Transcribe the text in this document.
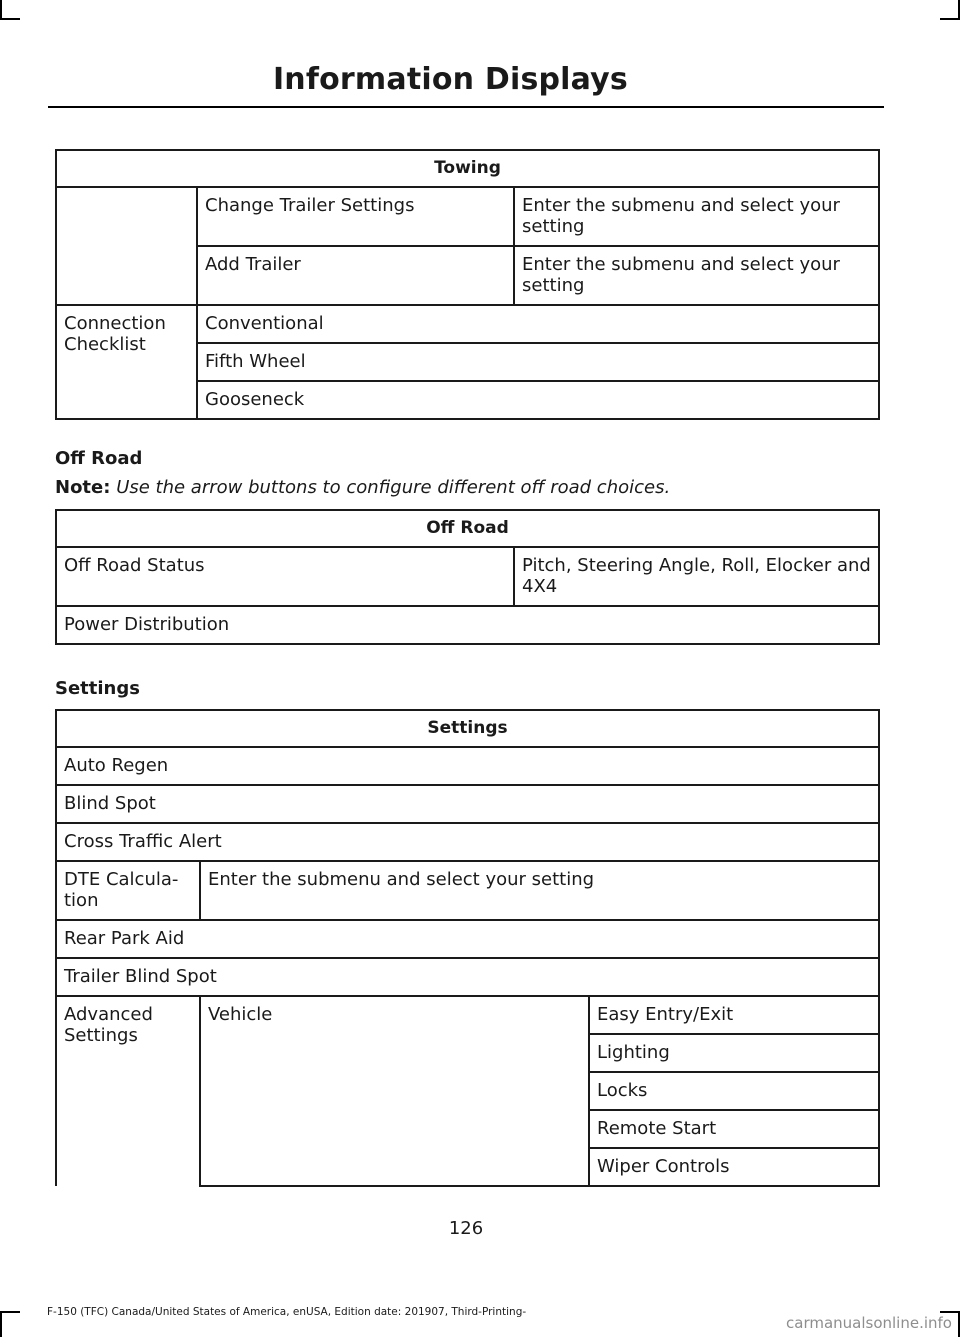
Information Displays
Towing		
	Change Trailer Settings	Enter the submenu and select your setting
	Add Trailer	Enter the submenu and select your setting
Connection Checklist	Conventional	
	Fifth Wheel	
	Gooseneck	
Off Road
Note: Use the arrow buttons to configure different off road choices.
Off Road
Off Road Status	Pitch, Steering Angle, Roll, Elocker and 4X4
Power Distribution
Settings
Settings		
Auto Regen		
Blind Spot		
Cross Traffic Alert		
DTE Calcula-tion	Enter the submenu and select your setting	
Rear Park Aid		
Trailer Blind Spot		
Advanced Settings	Vehicle	Easy Entry/Exit
		Lighting
		Locks
		Remote Start
		Wiper Controls
126
F-150 (TFC) Canada/United States of America, enUSA, Edition date: 201907, Third-Printing-
carmanualsonline.info
